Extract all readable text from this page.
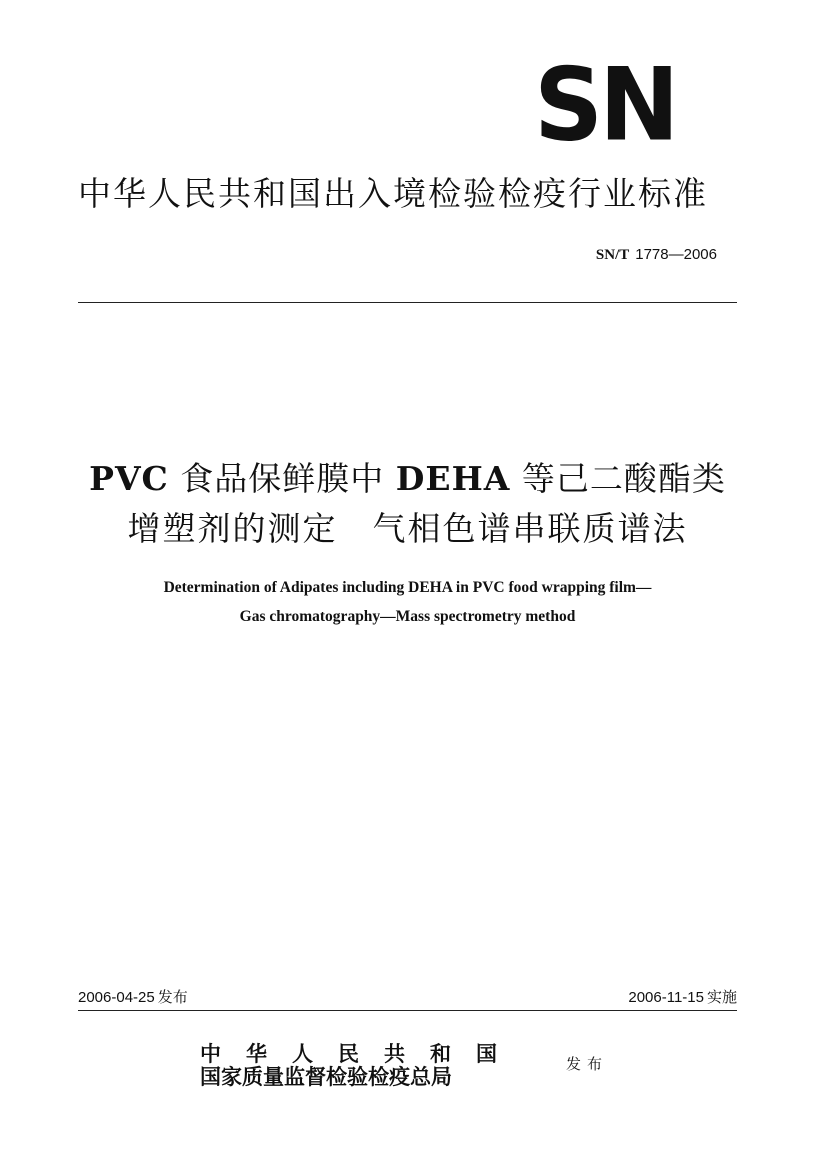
SN
中华人民共和国出入境检验检疫行业标准
SN/T 1778—2006
PVC 食品保鲜膜中 DEHA 等己二酸酯类
增塑剂的测定　气相色谱串联质谱法
Determination of Adipates including DEHA in PVC food wrapping film—
Gas chromatography—Mass spectrometry method
2006-04-25 发布	2006-11-15 实施
中华人民共和国
国家质量监督检验检疫总局	发布
